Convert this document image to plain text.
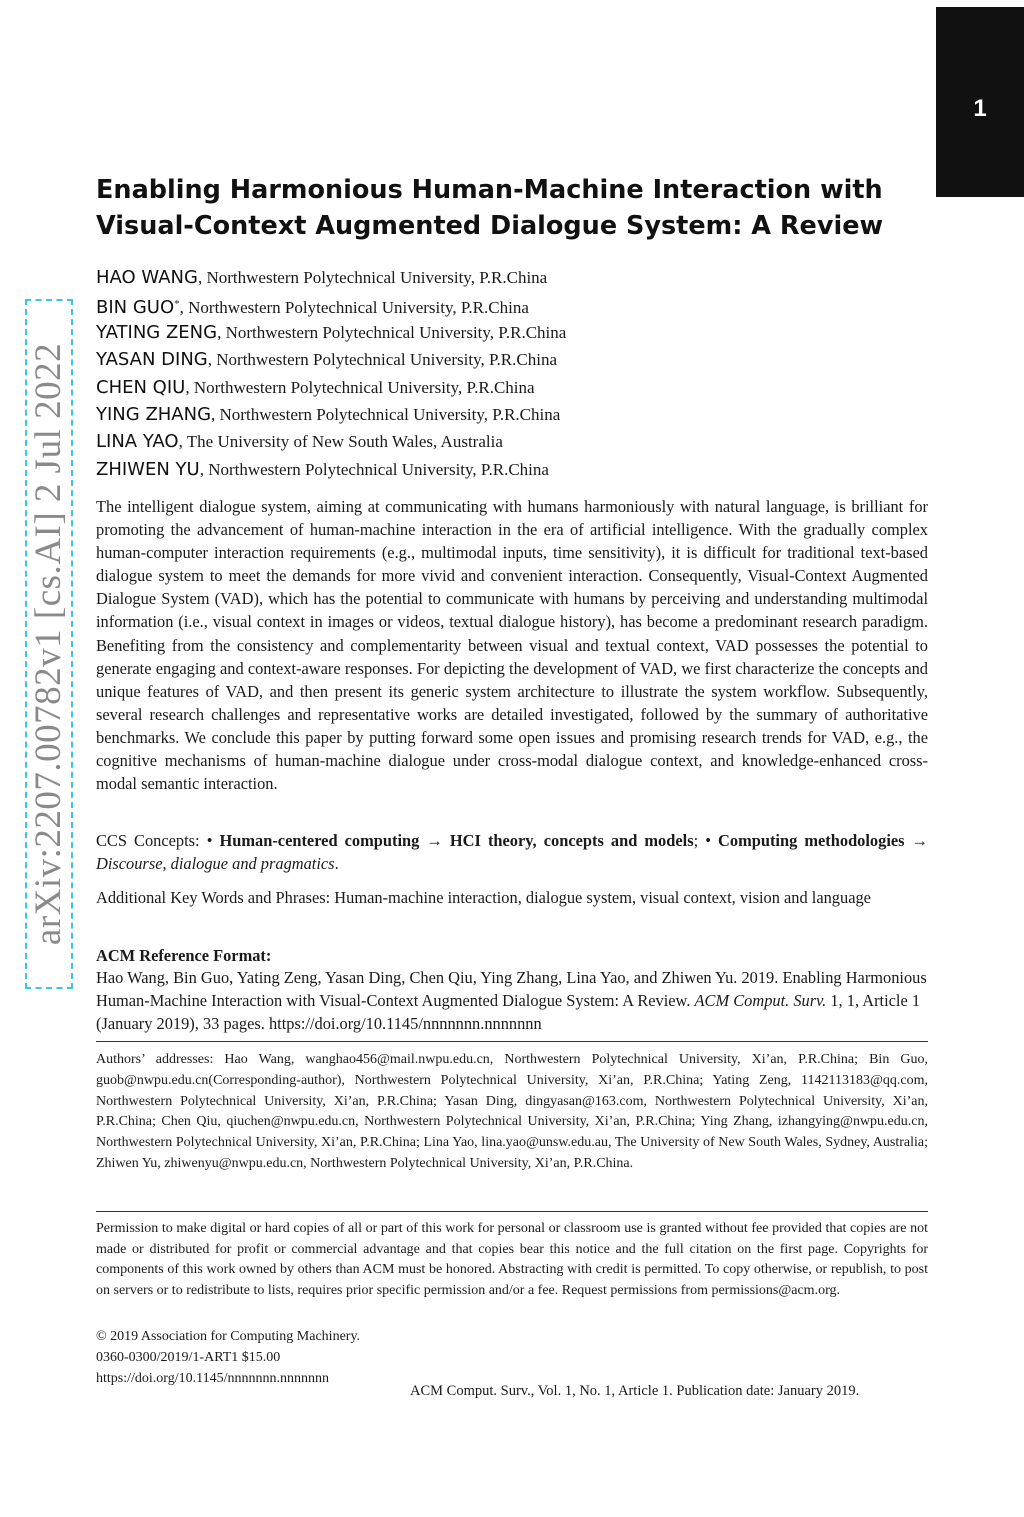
1
arXiv:2207.00782v1 [cs.AI] 2 Jul 2022
Enabling Harmonious Human-Machine Interaction with
Visual-Context Augmented Dialogue System: A Review
HAO WANG, Northwestern Polytechnical University, P.R.China
BIN GUO*, Northwestern Polytechnical University, P.R.China
YATING ZENG, Northwestern Polytechnical University, P.R.China
YASAN DING, Northwestern Polytechnical University, P.R.China
CHEN QIU, Northwestern Polytechnical University, P.R.China
YING ZHANG, Northwestern Polytechnical University, P.R.China
LINA YAO, The University of New South Wales, Australia
ZHIWEN YU, Northwestern Polytechnical University, P.R.China

The intelligent dialogue system, aiming at communicating with humans harmoniously with natural language, is brilliant for promoting the advancement of human-machine interaction in the era of artificial intelligence. With the gradually complex human-computer interaction requirements (e.g., multimodal inputs, time sensitivity), it is difficult for traditional text-based dialogue system to meet the demands for more vivid and convenient interaction. Consequently, Visual-Context Augmented Dialogue System (VAD), which has the potential to communicate with humans by perceiving and understanding multimodal information (i.e., visual context in images or videos, textual dialogue history), has become a predominant research paradigm. Benefiting from the consistency and complementarity between visual and textual context, VAD possesses the potential to generate engaging and context-aware responses. For depicting the development of VAD, we first characterize the concepts and unique features of VAD, and then present its generic system architecture to illustrate the system workflow. Subsequently, several research challenges and representative works are detailed investigated, followed by the summary of authoritative benchmarks. We conclude this paper by putting forward some open issues and promising research trends for VAD, e.g., the cognitive mechanisms of human-machine dialogue under cross-modal dialogue context, and knowledge-enhanced cross-modal semantic interaction.

CCS Concepts: • Human-centered computing → HCI theory, concepts and models; • Computing methodologies → Discourse, dialogue and pragmatics.

Additional Key Words and Phrases: Human-machine interaction, dialogue system, visual context, vision and language

ACM Reference Format:

Hao Wang, Bin Guo, Yating Zeng, Yasan Ding, Chen Qiu, Ying Zhang, Lina Yao, and Zhiwen Yu. 2019. Enabling Harmonious Human-Machine Interaction with Visual-Context Augmented Dialogue System: A Review. ACM Comput. Surv. 1, 1, Article 1 (January 2019), 33 pages. https://doi.org/10.1145/nnnnnnn.nnnnnnn

Authors’ addresses: Hao Wang, wanghao456@mail.nwpu.edu.cn, Northwestern Polytechnical University, Xi’an, P.R.China; Bin Guo, guob@nwpu.edu.cn(Corresponding-author), Northwestern Polytechnical University, Xi’an, P.R.China; Yating Zeng, 1142113183@qq.com, Northwestern Polytechnical University, Xi’an, P.R.China; Yasan Ding, dingyasan@163.com, Northwestern Polytechnical University, Xi’an, P.R.China; Chen Qiu, qiuchen@nwpu.edu.cn, Northwestern Polytechnical University, Xi’an, P.R.China; Ying Zhang, izhangying@nwpu.edu.cn, Northwestern Polytechnical University, Xi’an, P.R.China; Lina Yao, lina.yao@unsw.edu.au, The University of New South Wales, Sydney, Australia; Zhiwen Yu, zhiwenyu@nwpu.edu.cn, Northwestern Polytechnical University, Xi’an, P.R.China.

Permission to make digital or hard copies of all or part of this work for personal or classroom use is granted without fee provided that copies are not made or distributed for profit or commercial advantage and that copies bear this notice and the full citation on the first page. Copyrights for components of this work owned by others than ACM must be honored. Abstracting with credit is permitted. To copy otherwise, or republish, to post on servers or to redistribute to lists, requires prior specific permission and/or a fee. Request permissions from permissions@acm.org.

© 2019 Association for Computing Machinery.
0360-0300/2019/1-ART1 $15.00
https://doi.org/10.1145/nnnnnnn.nnnnnnn
ACM Comput. Surv., Vol. 1, No. 1, Article 1. Publication date: January 2019.
